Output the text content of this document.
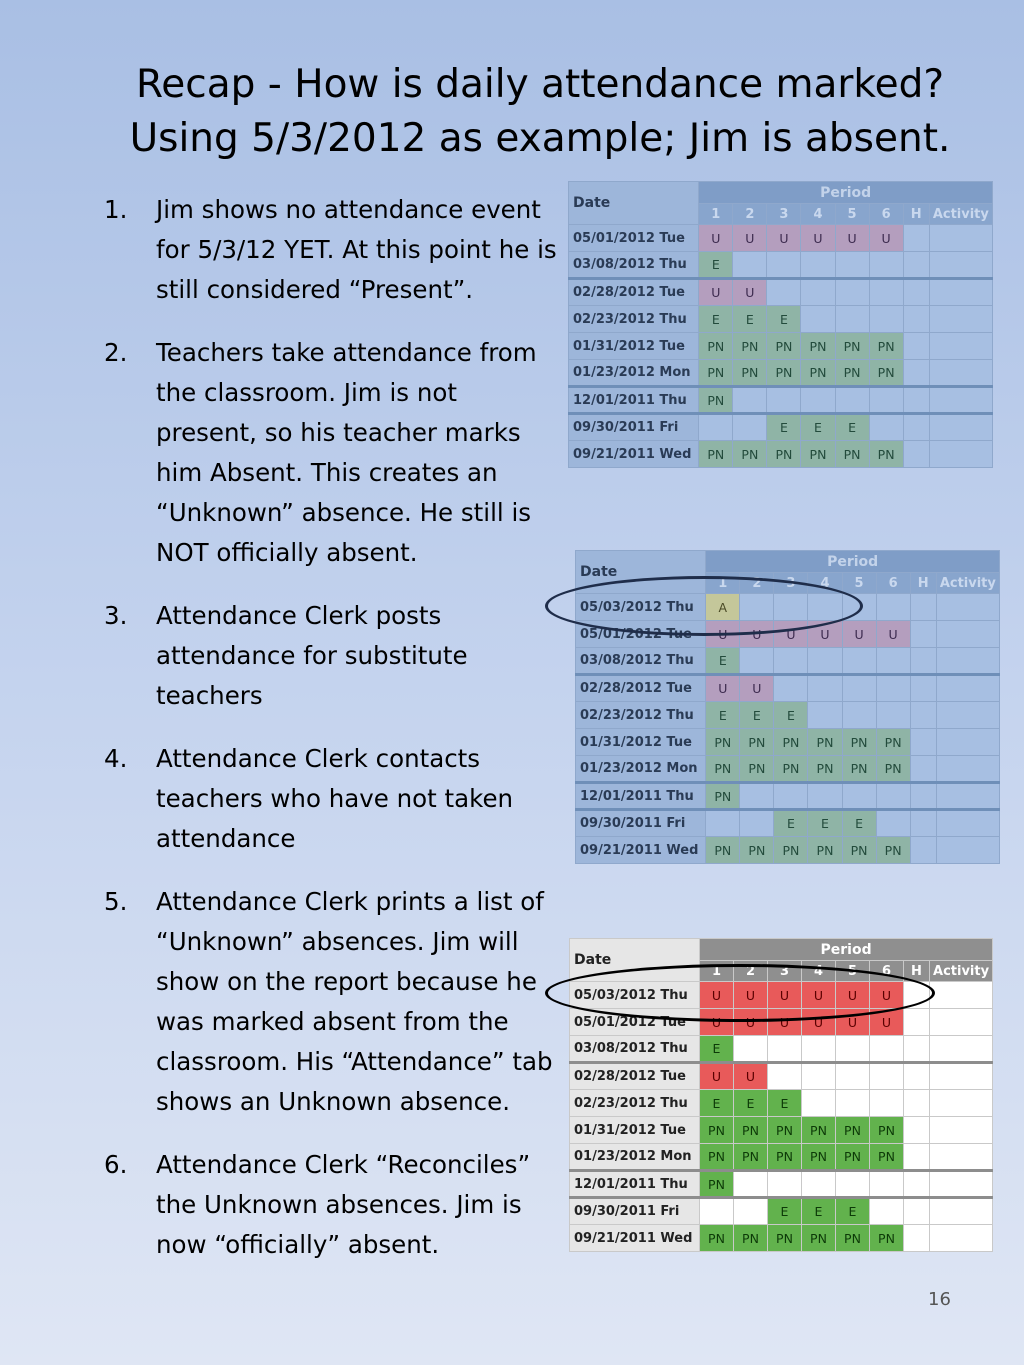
Recap - How is daily attendance marked?
Using 5/3/2012 as example; Jim is absent.
1. Jim shows no attendance event
for 5/3/12 YET. At this point he is
still considered “Present”.
2. Teachers take attendance from
the classroom. Jim is not
present, so his teacher marks
him Absent. This creates an
“Unknown” absence. He still is
NOT officially absent.
3. Attendance Clerk posts
attendance for substitute
teachers
4. Attendance Clerk contacts
teachers who have not taken
attendance
5. Attendance Clerk prints a list of
“Unknown” absences. Jim will
show on the report because he
was marked absent from the
classroom. His “Attendance” tab
shows an Unknown absence.
6. Attendance Clerk “Reconciles”
the Unknown absences. Jim is
now “officially” absent.
Date	Period							
	1	2	3	4	5	6	H	Activity
05/01/2012 Tue	U	U	U	U	U	U		
03/08/2012 Thu	E							
02/28/2012 Tue	U	U						
02/23/2012 Thu	E	E	E					
01/31/2012 Tue	PN	PN	PN	PN	PN	PN		
01/23/2012 Mon	PN	PN	PN	PN	PN	PN		
12/01/2011 Thu	PN							
09/30/2011 Fri			E	E	E			
09/21/2011 Wed	PN	PN	PN	PN	PN	PN		
Date	Period							
	1	2	3	4	5	6	H	Activity
05/03/2012 Thu	A							
05/01/2012 Tue	U	U	U	U	U	U		
03/08/2012 Thu	E							
02/28/2012 Tue	U	U						
02/23/2012 Thu	E	E	E					
01/31/2012 Tue	PN	PN	PN	PN	PN	PN		
01/23/2012 Mon	PN	PN	PN	PN	PN	PN		
12/01/2011 Thu	PN							
09/30/2011 Fri			E	E	E			
09/21/2011 Wed	PN	PN	PN	PN	PN	PN		
Date	Period							
	1	2	3	4	5	6	H	Activity
05/03/2012 Thu	U	U	U	U	U	U		
05/01/2012 Tue	U	U	U	U	U	U		
03/08/2012 Thu	E							
02/28/2012 Tue	U	U						
02/23/2012 Thu	E	E	E					
01/31/2012 Tue	PN	PN	PN	PN	PN	PN		
01/23/2012 Mon	PN	PN	PN	PN	PN	PN		
12/01/2011 Thu	PN							
09/30/2011 Fri			E	E	E			
09/21/2011 Wed	PN	PN	PN	PN	PN	PN		
16
